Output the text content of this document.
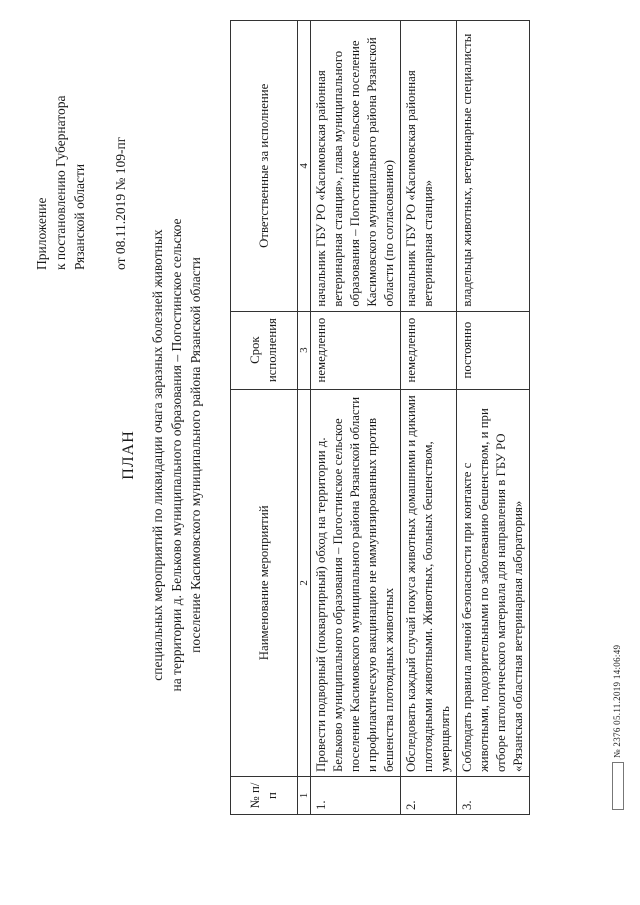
Приложение к постановлению Губернатора Рязанской области от 08.11.2019 № 109-пг
ПЛАН специальных мероприятий по ликвидации очага заразных болезней животных на территории д. Бельково муниципального образования – Погостинское сельское поселение Касимовского муниципального района Рязанской области
№ п/п	Наименование мероприятий	Срок исполнения	Ответственные за исполнение
1	2	3	4
1.	Провести подворный (поквартирный) обход на территории д. Бельково муниципального образования – Погостинское сельское поселение Касимовского муниципального района Рязанской области и профилактическую вакцинацию не иммунизированных против бешенства плотоядных животных	немедленно	начальник ГБУ РО «Касимовская районная ветеринарная станция», глава муниципального образования – Погостинское сельское поселение Касимовского муниципального района Рязанской области (по согласованию)
2.	Обследовать каждый случай покуса животных домашними и дикими плотоядными животными. Животных, больных бешенством, умерщвлять	немедленно	начальник ГБУ РО «Касимовская районная ветеринарная станция»
3.	Соблюдать правила личной безопасности при контакте с животными, подозрительными по заболеванию бешенством, и при отборе патологического материала для направления в ГБУ РО «Рязанская областная ветеринарная лаборатория»	постоянно	владельцы животных, ветеринарные специалисты
№ 2376 05.11.2019 14:06:49
